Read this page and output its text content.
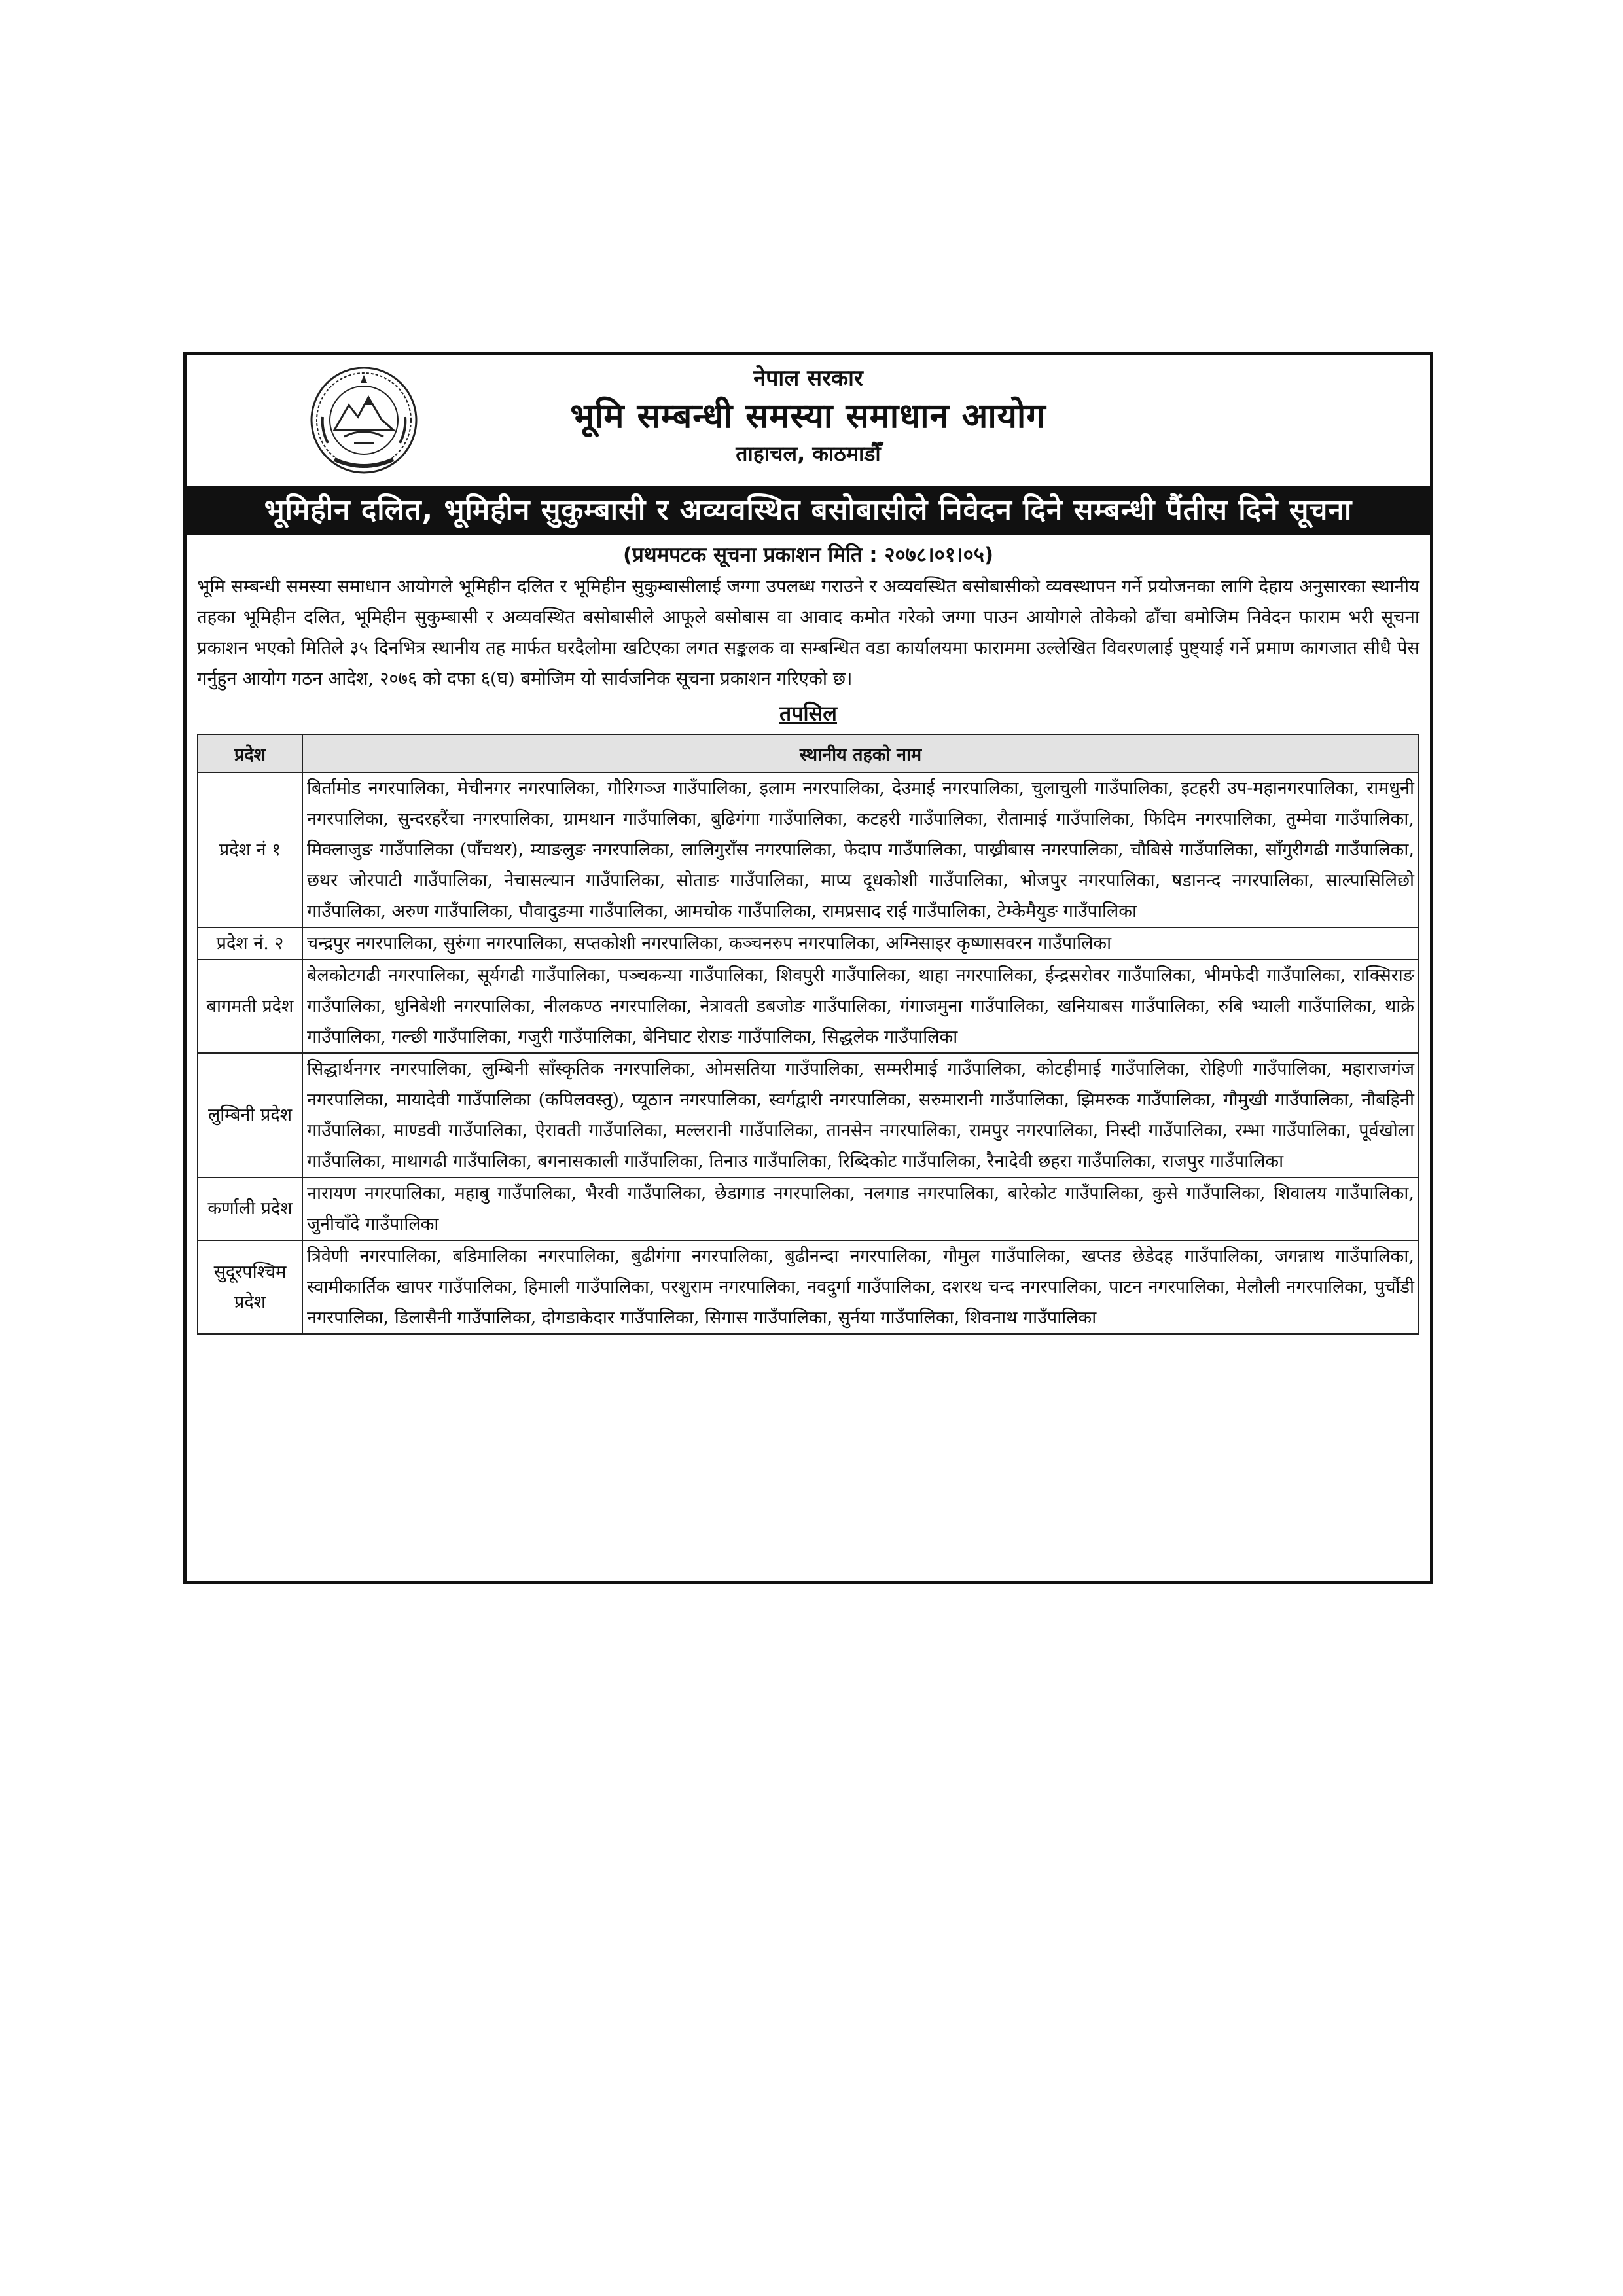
नेपाल सरकार
भूमि सम्बन्धी समस्या समाधान आयोग
ताहाचल, काठमाडौँ
भूमिहीन दलित, भूमिहीन सुकुम्बासी र अव्यवस्थित बसोबासीले निवेदन दिने सम्बन्धी पैंतीस दिने सूचना
(प्रथमपटक सूचना प्रकाशन मिति : २०७८।०१।०५)

भूमि सम्बन्धी समस्या समाधान आयोगले भूमिहीन दलित र भूमिहीन सुकुम्बासीलाई जग्गा उपलब्ध गराउने र अव्यवस्थित बसोबासीको व्यवस्थापन गर्ने प्रयोजनका लागि देहाय अनुसारका स्थानीय तहका भूमिहीन दलित, भूमिहीन सुकुम्बासी र अव्यवस्थित बसोबासीले आफूले बसोबास वा आवाद कमोत गरेको जग्गा पाउन आयोगले तोकेको ढाँचा बमोजिम निवेदन फाराम भरी सूचना प्रकाशन भएको मितिले ३५ दिनभित्र स्थानीय तह मार्फत घरदैलोमा खटिएका लगत सङ्कलक वा सम्बन्धित वडा कार्यालयमा फाराममा उल्लेखित विवरणलाई पुष्ट्याई गर्ने प्रमाण कागजात सीधै पेस गर्नुहुन आयोग गठन आदेश, २०७६ को दफा ६(घ) बमोजिम यो सार्वजनिक सूचना प्रकाशन गरिएको छ।

तपसिल
प्रदेश	स्थानीय तहको नाम
प्रदेश नं १	बिर्तामोड नगरपालिका, मेचीनगर नगरपालिका, गौरिगञ्ज गाउँपालिका, इलाम नगरपालिका, देउमाई नगरपालिका, चुलाचुली गाउँपालिका, इटहरी उप-महानगरपालिका, रामधुनी नगरपालिका, सुन्दरहरैंचा नगरपालिका, ग्रामथान गाउँपालिका, बुढिगंगा गाउँपालिका, कटहरी गाउँपालिका, रौतामाई गाउँपालिका, फिदिम नगरपालिका, तुम्मेवा गाउँपालिका, मिक्लाजुङ गाउँपालिका (पाँचथर), म्याङलुङ नगरपालिका, लालिगुराँस नगरपालिका, फेदाप गाउँपालिका, पाख्रीबास नगरपालिका, चौबिसे गाउँपालिका, साँगुरीगढी गाउँपालिका, छथर जोरपाटी गाउँपालिका, नेचासल्यान गाउँपालिका, सोताङ गाउँपालिका, माप्य दूधकोशी गाउँपालिका, भोजपुर नगरपालिका, षडानन्द नगरपालिका, साल्पासिलिछो गाउँपालिका, अरुण गाउँपालिका, पौवादुङमा गाउँपालिका, आमचोक गाउँपालिका, रामप्रसाद राई गाउँपालिका, टेम्केमैयुङ गाउँपालिका
प्रदेश नं. २	चन्द्रपुर नगरपालिका, सुरुंगा नगरपालिका, सप्तकोशी नगरपालिका, कञ्चनरुप नगरपालिका, अग्निसाइर कृष्णासवरन गाउँपालिका
बागमती प्रदेश	बेलकोटगढी नगरपालिका, सूर्यगढी गाउँपालिका, पञ्चकन्या गाउँपालिका, शिवपुरी गाउँपालिका, थाहा नगरपालिका, ईन्द्रसरोवर गाउँपालिका, भीमफेदी गाउँपालिका, राक्सिराङ गाउँपालिका, धुनिबेशी नगरपालिका, नीलकण्ठ नगरपालिका, नेत्रावती डबजोङ गाउँपालिका, गंगाजमुना गाउँपालिका, खनियाबस गाउँपालिका, रुबि भ्याली गाउँपालिका, थाक्रे गाउँपालिका, गल्छी गाउँपालिका, गजुरी गाउँपालिका, बेनिघाट रोराङ गाउँपालिका, सिद्धलेक गाउँपालिका
लुम्बिनी प्रदेश	सिद्धार्थनगर नगरपालिका, लुम्बिनी साँस्कृतिक नगरपालिका, ओमसतिया गाउँपालिका, सम्मरीमाई गाउँपालिका, कोटहीमाई गाउँपालिका, रोहिणी गाउँपालिका, महाराजगंज नगरपालिका, मायादेवी गाउँपालिका (कपिलवस्तु), प्यूठान नगरपालिका, स्वर्गद्वारी नगरपालिका, सरुमारानी गाउँपालिका, झिमरुक गाउँपालिका, गौमुखी गाउँपालिका, नौबहिनी गाउँपालिका, माण्डवी गाउँपालिका, ऐरावती गाउँपालिका, मल्लरानी गाउँपालिका, तानसेन नगरपालिका, रामपुर नगरपालिका, निस्दी गाउँपालिका, रम्भा गाउँपालिका, पूर्वखोला गाउँपालिका, माथागढी गाउँपालिका, बगनासकाली गाउँपालिका, तिनाउ गाउँपालिका, रिब्दिकोट गाउँपालिका, रैनादेवी छहरा गाउँपालिका, राजपुर गाउँपालिका
कर्णाली प्रदेश	नारायण नगरपालिका, महाबु गाउँपालिका, भैरवी गाउँपालिका, छेडागाड नगरपालिका, नलगाड नगरपालिका, बारेकोट गाउँपालिका, कुसे गाउँपालिका, शिवालय गाउँपालिका, जुनीचाँदे गाउँपालिका
सुदूरपश्चिम प्रदेश	त्रिवेणी नगरपालिका, बडिमालिका नगरपालिका, बुढीगंगा नगरपालिका, बुढीनन्दा नगरपालिका, गौमुल गाउँपालिका, खप्तड छेडेदह गाउँपालिका, जगन्नाथ गाउँपालिका, स्वामीकार्तिक खापर गाउँपालिका, हिमाली गाउँपालिका, परशुराम नगरपालिका, नवदुर्गा गाउँपालिका, दशरथ चन्द नगरपालिका, पाटन नगरपालिका, मेलौली नगरपालिका, पुर्चौडी नगरपालिका, डिलासैनी गाउँपालिका, दोगडाकेदार गाउँपालिका, सिगास गाउँपालिका, सुर्नया गाउँपालिका, शिवनाथ गाउँपालिका
